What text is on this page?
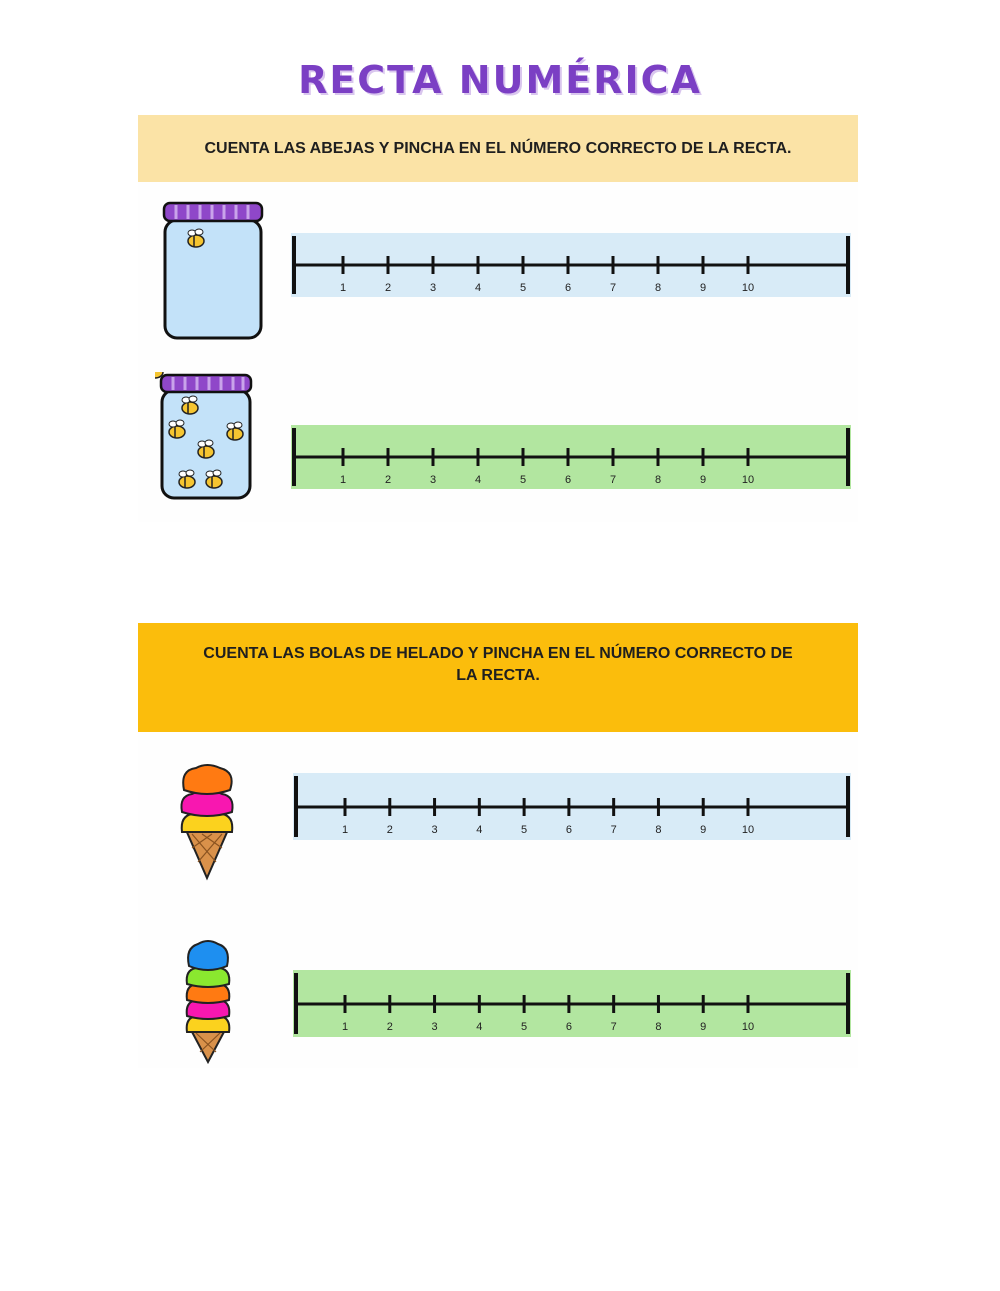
RECTA NUMÉRICA
CUENTA LAS ABEJAS Y PINCHA EN EL NÚMERO CORRECTO DE LA RECTA.
CUENTA LAS BOLAS DE HELADO Y PINCHA EN EL NÚMERO CORRECTO DE LA RECTA.
1	2	3	4	5	6	7	8	9	10
1	2	3	4	5	6	7	8	9	10
1	2	3	4	5	6	7	8	9	10
1	2	3	4	5	6	7	8	9	10
